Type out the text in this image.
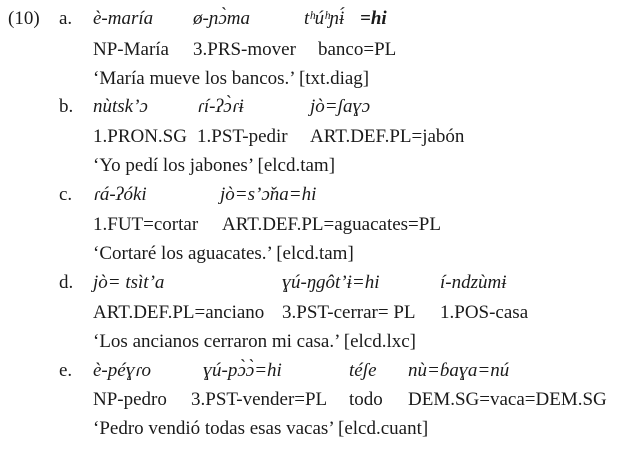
(10) a. è-maría ø-ɲɔ̀ma	tʰúʰɲɨ́ =hi
NP-María 3.PRS-mover banco=PL
‘María mueve los bancos.’ [txt.diag]
b. nùtskʼɔ	ɾí-ʔɔ̀ɾɨ	jò=ʃaɣɔ
1.PRON.SG 1.PST-pedir ART.DEF.PL=jabón
‘Yo pedí los jabones’ [elcd.tam]
c. ɾá-ʔóki	jò=sʼɔ̌na=hi
1.FUT=cortar ART.DEF.PL=aguacates=PL
‘Cortaré los aguacates.’ [elcd.tam]
d. jò= tsìtʼa	ɣú-ŋgôtʼɨ=hi	í-ndzùmɨ
ART.DEF.PL=anciano 3.PST-cerrar= PL 1.POS-casa
‘Los ancianos cerraron mi casa.’ [elcd.lxc]
e. è-péɣɾo	ɣú-pɔ̀ɔ̀=hi	téʃe nù=ɓaɣa=nú
NP-pedro 3.PST-vender=PL todo DEM.SG=vaca=DEM.SG
‘Pedro vendió todas esas vacas’ [elcd.cuant]
